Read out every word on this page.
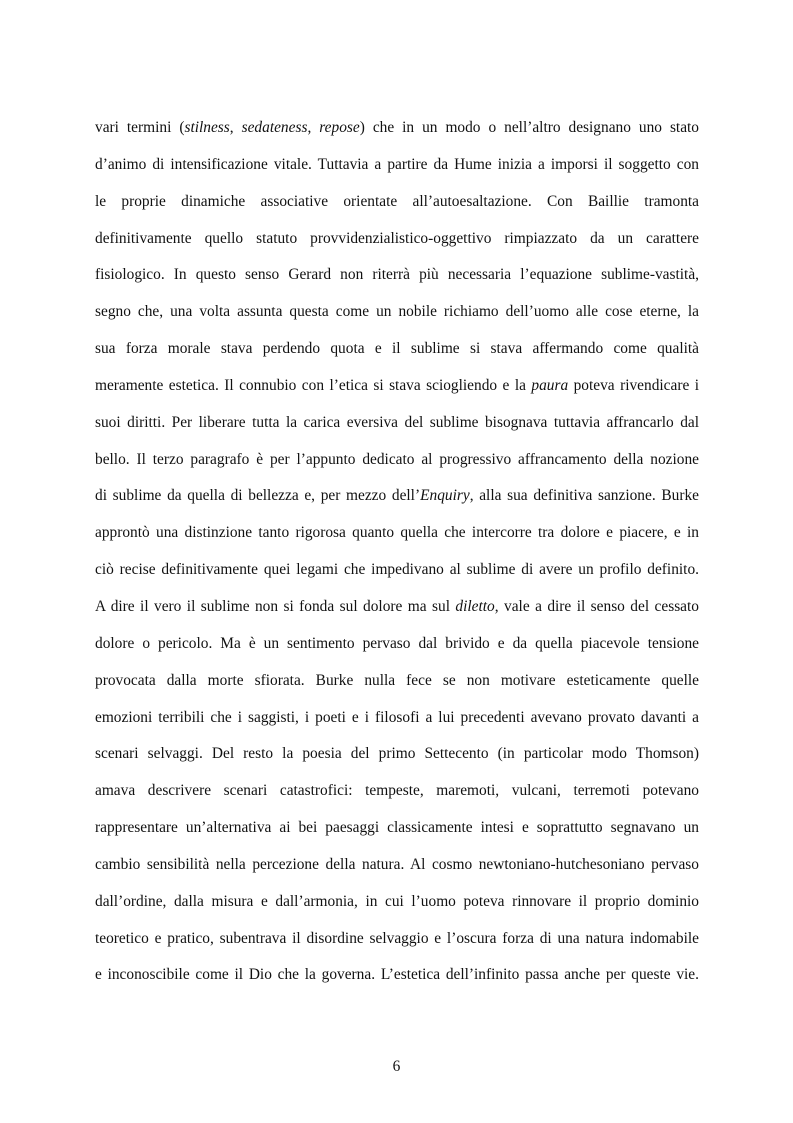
vari termini (stilness, sedateness, repose) che in un modo o nell’altro designano uno stato
d’animo di intensificazione vitale. Tuttavia a partire da Hume inizia a imporsi il soggetto con
le proprie dinamiche associative orientate all’autoesaltazione. Con Baillie tramonta
definitivamente quello statuto provvidenzialistico-oggettivo rimpiazzato da un carattere
fisiologico. In questo senso Gerard non riterrà più necessaria l’equazione sublime-vastità,
segno che, una volta assunta questa come un nobile richiamo dell’uomo alle cose eterne, la
sua forza morale stava perdendo quota e il sublime si stava affermando come qualità
meramente estetica. Il connubio con l’etica si stava sciogliendo e la paura poteva rivendicare i
suoi diritti. Per liberare tutta la carica eversiva del sublime bisognava tuttavia affrancarlo dal
bello. Il terzo paragrafo è per l’appunto dedicato al progressivo affrancamento della nozione
di sublime da quella di bellezza e, per mezzo dell’Enquiry, alla sua definitiva sanzione. Burke
approntò una distinzione tanto rigorosa quanto quella che intercorre tra dolore e piacere, e in
ciò recise definitivamente quei legami che impedivano al sublime di avere un profilo definito.
A dire il vero il sublime non si fonda sul dolore ma sul diletto, vale a dire il senso del cessato
dolore o pericolo. Ma è un sentimento pervaso dal brivido e da quella piacevole tensione
provocata dalla morte sfiorata. Burke nulla fece se non motivare esteticamente quelle
emozioni terribili che i saggisti, i poeti e i filosofi a lui precedenti avevano provato davanti a
scenari selvaggi. Del resto la poesia del primo Settecento (in particolar modo Thomson)
amava descrivere scenari catastrofici: tempeste, maremoti, vulcani, terremoti potevano
rappresentare un’alternativa ai bei paesaggi classicamente intesi e soprattutto segnavano un
cambio sensibilità nella percezione della natura. Al cosmo newtoniano-hutchesoniano pervaso
dall’ordine, dalla misura e dall’armonia, in cui l’uomo poteva rinnovare il proprio dominio
teoretico e pratico, subentrava il disordine selvaggio e l’oscura forza di una natura indomabile
e inconoscibile come il Dio che la governa. L’estetica dell’infinito passa anche per queste vie.
6
